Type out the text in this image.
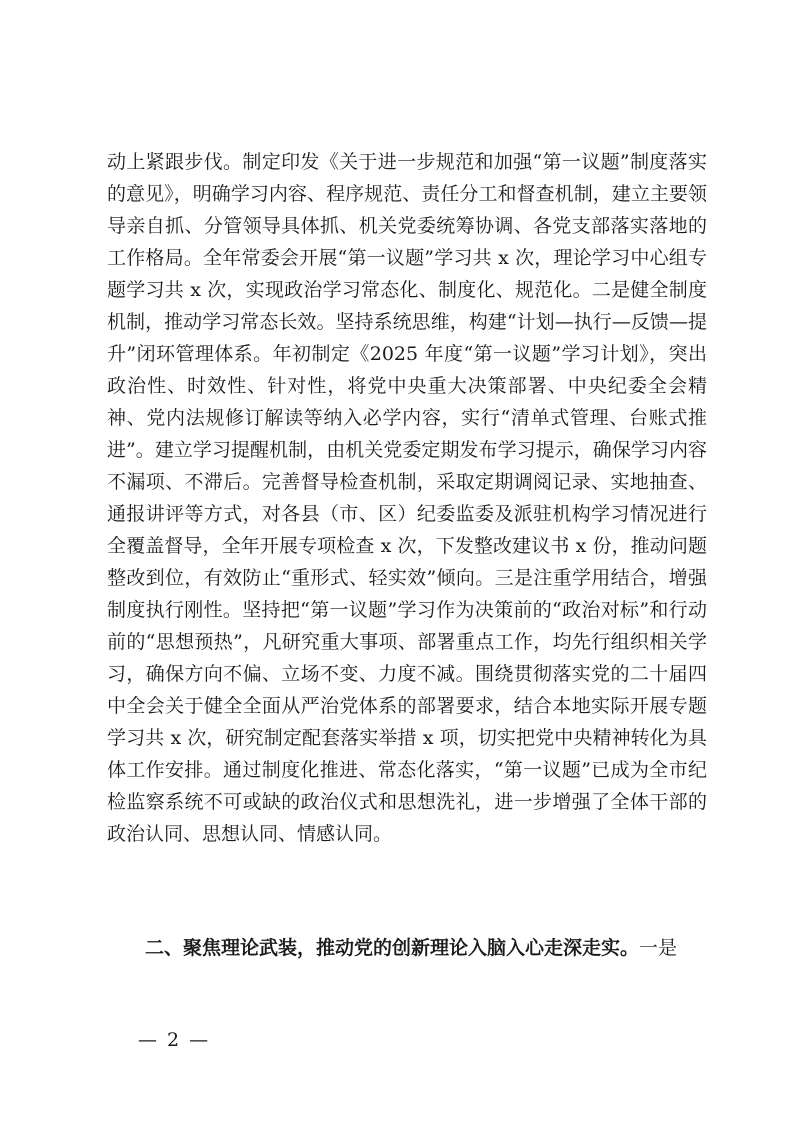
动上紧跟步伐。制定印发《关于进一步规范和加强“第一议题”制度落实的意见》，明确学习内容、程序规范、责任分工和督查机制，建立主要领导亲自抓、分管领导具体抓、机关党委统筹协调、各党支部落实落地的工作格局。全年常委会开展“第一议题”学习共 x 次，理论学习中心组专题学习共 x 次，实现政治学习常态化、制度化、规范化。二是健全制度机制，推动学习常态长效。坚持系统思维，构建“计划—执行—反馈—提升”闭环管理体系。年初制定《2025 年度“第一议题”学习计划》，突出政治性、时效性、针对性，将党中央重大决策部署、中央纪委全会精神、党内法规修订解读等纳入必学内容，实行“清单式管理、台账式推进”。建立学习提醒机制，由机关党委定期发布学习提示，确保学习内容不漏项、不滞后。完善督导检查机制，采取定期调阅记录、实地抽查、通报讲评等方式，对各县（市、区）纪委监委及派驻机构学习情况进行全覆盖督导，全年开展专项检查 x 次，下发整改建议书 x 份，推动问题整改到位，有效防止“重形式、轻实效”倾向。三是注重学用结合，增强制度执行刚性。坚持把“第一议题”学习作为决策前的“政治对标”和行动前的“思想预热”，凡研究重大事项、部署重点工作，均先行组织相关学习，确保方向不偏、立场不变、力度不减。围绕贯彻落实党的二十届四中全会关于健全全面从严治党体系的部署要求，结合本地实际开展专题学习共 x 次，研究制定配套落实举措 x 项，切实把党中央精神转化为具体工作安排。通过制度化推进、常态化落实，“第一议题”已成为全市纪检监察系统不可或缺的政治仪式和思想洗礼，进一步增强了全体干部的政治认同、思想认同、情感认同。

二、聚焦理论武装，推动党的创新理论入脑入心走深走实。一是

— 2 —
